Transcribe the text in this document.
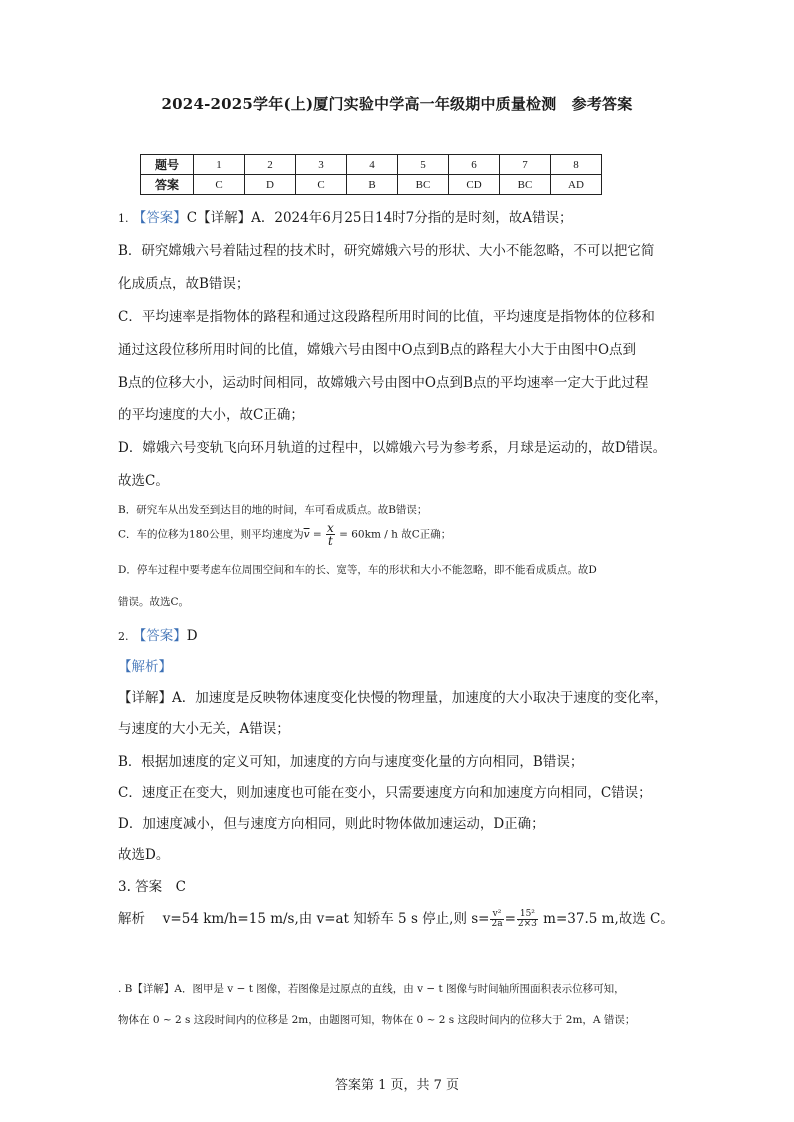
2024-2025学年(上)厦门实验中学高一年级期中质量检测　参考答案
题号	1	2	3	4	5	6	7	8
答案	C	D	C	B	BC	CD	BC	AD
1. 【答案】C【详解】A．2024年6月25日14时7分指的是时刻，故A错误；
B．研究嫦娥六号着陆过程的技术时，研究嫦娥六号的形状、大小不能忽略，不可以把它简
化成质点，故B错误；
C．平均速率是指物体的路程和通过这段路程所用时间的比值，平均速度是指物体的位移和
通过这段位移所用时间的比值，嫦娥六号由图中O点到B点的路程大小大于由图中O点到
B点的位移大小，运动时间相同，故嫦娥六号由图中O点到B点的平均速率一定大于此过程
的平均速度的大小，故C正确；
D．嫦娥六号变轨飞向环月轨道的过程中，以嫦娥六号为参考系，月球是运动的，故D错误。
故选C。
B．研究车从出发至到达目的地的时间，车可看成质点。故B错误；
C．车的位移为180公里，则平均速度为$\overline{v} = \frac{x}{t} = 60km / h$ 故C正确；
D．停车过程中要考虑车位周围空间和车的长、宽等，车的形状和大小不能忽略，即不能看成质点。故D
错误。故选C。
2. 【答案】D
【解析】
【详解】A．加速度是反映物体速度变化快慢的物理量，加速度的大小取决于速度的变化率，
与速度的大小无关，A错误；
B．根据加速度的定义可知，加速度的方向与速度变化量的方向相同，B错误；
C．速度正在变大，则加速度也可能在变小，只需要速度方向和加速度方向相同，C错误；
D．加速度减小，但与速度方向相同，则此时物体做加速运动，D正确；
故选D。
3. 答案　C
解析　 v=54 km/h=15 m/s,由 v=at 知轿车 5 s 停止,则 $s= \frac{\text{v²}}{2a} = \frac{\text{15²}}{2\times 3} m=37.5$ m,故选 C。
. B【详解】A．图甲是 v − t 图像，若图像是过原点的直线，由 v − t 图像与时间轴所围面积表示位移可知，
物体在 0 ~ 2 s 这段时间内的位移是 2m，由题图可知，物体在 0 ~ 2 s 这段时间内的位移大于 2m，A 错误；
答案第 1 页，共 7 页
